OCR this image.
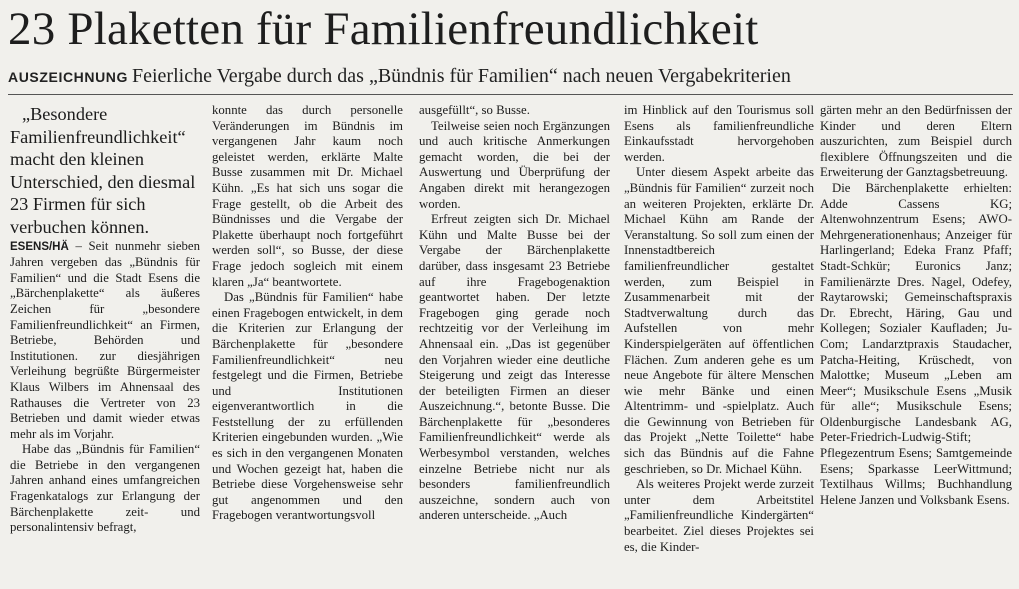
23 Plaketten für Familienfreundlichkeit
AUSZEICHNUNG Feierliche Vergabe durch das „Bündnis für Familien“ nach neuen Vergabekriterien

„Besondere Familienfreundlichkeit“ macht den kleinen Unterschied, den diesmal 23 Firmen für sich verbuchen können.

ESENS/HÄ – Seit nunmehr sieben Jahren vergeben das „Bündnis für Familien“ und die Stadt Esens die „Bärchenplakette“ als äußeres Zeichen für „besondere Familienfreundlichkeit“ an Firmen, Betriebe, Behörden und Institutionen. zur diesjährigen Verleihung begrüßte Bürgermeister Klaus Wilbers im Ahnensaal des Rathauses die Vertreter von 23 Betrieben und damit wieder etwas mehr als im Vorjahr.

Habe das „Bündnis für Familien“ die Betriebe in den vergangenen Jahren anhand eines umfangreichen Fragenkatalogs zur Erlangung der Bärchenplakette zeit- und personalintensiv befragt,

konnte das durch personelle Veränderungen im Bündnis im vergangenen Jahr kaum noch geleistet werden, erklärte Malte Busse zusammen mit Dr. Michael Kühn. „Es hat sich uns sogar die Frage gestellt, ob die Arbeit des Bündnisses und die Vergabe der Plakette überhaupt noch fortgeführt werden soll“, so Busse, der diese Frage jedoch sogleich mit einem klaren „Ja“ beantwortete.

Das „Bündnis für Familien“ habe einen Fragebogen entwickelt, in dem die Kriterien zur Erlangung der Bärchenplakette für „besondere Familienfreundlichkeit“ neu festgelegt und die Firmen, Betriebe und Institutionen eigenverantwortlich in die Feststellung der zu erfüllenden Kriterien eingebunden wurden. „Wie es sich in den vergangenen Monaten und Wochen gezeigt hat, haben die Betriebe diese Vorgehensweise sehr gut angenommen und den Fragebogen verantwortungsvoll

ausgefüllt“, so Busse.

Teilweise seien noch Ergänzungen und auch kritische Anmerkungen gemacht worden, die bei der Auswertung und Überprüfung der Angaben direkt mit herangezogen worden.

Erfreut zeigten sich Dr. Michael Kühn und Malte Busse bei der Vergabe der Bärchenplakette darüber, dass insgesamt 23 Betriebe auf ihre Fragebogenaktion geantwortet haben. Der letzte Fragebogen ging gerade noch rechtzeitig vor der Verleihung im Ahnensaal ein. „Das ist gegenüber den Vorjahren wieder eine deutliche Steigerung und zeigt das Interesse der beteiligten Firmen an dieser Auszeichnung.“, betonte Busse. Die Bärchenplakette für „besonderes Familienfreundlichkeit“ werde als Werbesymbol verstanden, welches einzelne Betriebe nicht nur als besonders familienfreundlich auszeichne, sondern auch von anderen unterscheide. „Auch

im Hinblick auf den Tourismus soll Esens als familienfreundliche Einkaufsstadt hervorgehoben werden.

Unter diesem Aspekt arbeite das „Bündnis für Familien“ zurzeit noch an weiteren Projekten, erklärte Dr. Michael Kühn am Rande der Veranstaltung. So soll zum einen der Innenstadtbereich familienfreundlicher gestaltet werden, zum Beispiel in Zusammenarbeit mit der Stadtverwaltung durch das Aufstellen von mehr Kinderspielgeräten auf öffentlichen Flächen. Zum anderen gehe es um neue Angebote für ältere Menschen wie mehr Bänke und einen Altentrimm- und -spielplatz. Auch die Gewinnung von Betrieben für das Projekt „Nette Toilette“ habe sich das Bündnis auf die Fahne geschrieben, so Dr. Michael Kühn.

Als weiteres Projekt werde zurzeit unter dem Arbeitstitel „Familienfreundliche Kindergärten“ bearbeitet. Ziel dieses Projektes sei es, die Kinder-

gärten mehr an den Bedürfnissen der Kinder und deren Eltern auszurichten, zum Beispiel durch flexiblere Öffnungszeiten und die Erweiterung der Ganztagsbetreuung.

Die Bärchenplakette erhielten: Adde Cassens KG; Altenwohnzentrum Esens; AWO-Mehrgenerationenhaus; Anzeiger für Harlingerland; Edeka Franz Pfaff; Stadt-Schkür; Euronics Janz; Familienärzte Dres. Nagel, Odefey, Raytarowski; Gemeinschaftspraxis Dr. Ebrecht, Häring, Gau und Kollegen; Sozialer Kaufladen; Ju-Com; Landarztpraxis Staudacher, Patcha-Heiting, Krüschedt, von Malottke; Museum „Leben am Meer“; Musikschule Esens „Musik für alle“; Musikschule Esens; Oldenburgische Landesbank AG, Peter-Friedrich-Ludwig-Stift; Pflegezentrum Esens; Samtgemeinde Esens; Sparkasse LeerWittmund; Textilhaus Willms; Buchhandlung Helene Janzen und Volksbank Esens.
